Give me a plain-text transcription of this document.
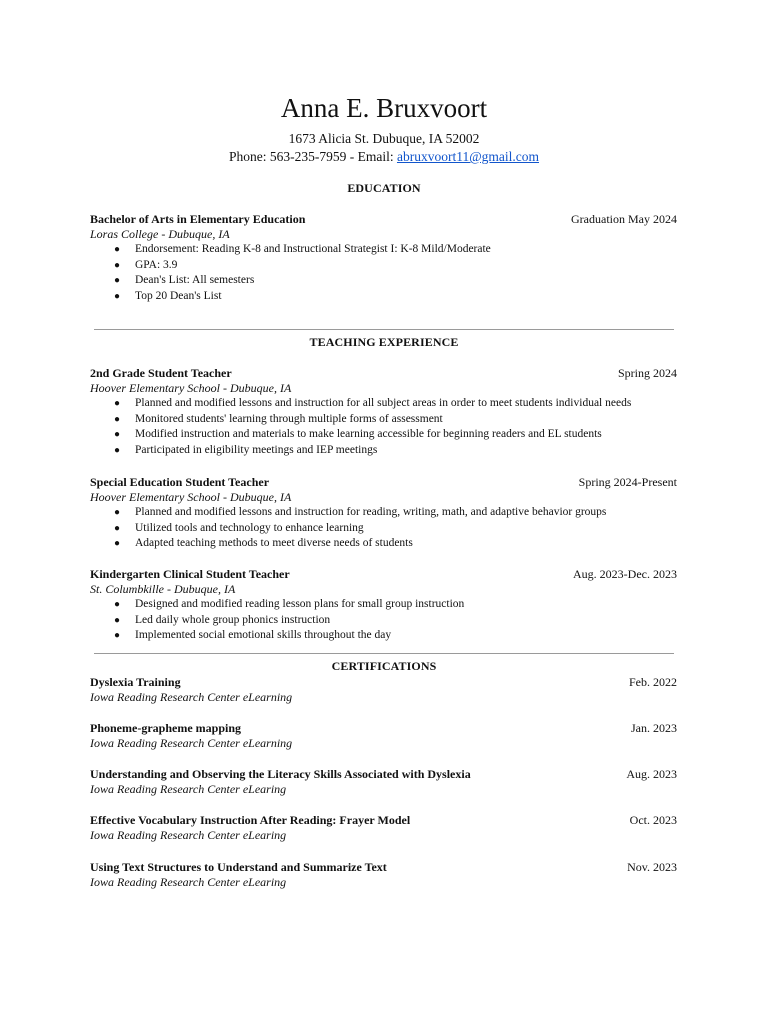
Anna E. Bruxvoort
1673 Alicia St. Dubuque, IA 52002
Phone: 563-235-7959 - Email: abruxvoort11@gmail.com
EDUCATION
Bachelor of Arts in Elementary Education	Graduation May 2024
Loras College - Dubuque, IA
● Endorsement: Reading K-8 and Instructional Strategist I: K-8 Mild/Moderate
● GPA: 3.9
● Dean's List: All semesters
● Top 20 Dean's List
TEACHING EXPERIENCE
2nd Grade Student Teacher	Spring 2024
Hoover Elementary School - Dubuque, IA
● Planned and modified lessons and instruction for all subject areas in order to meet students individual needs
● Monitored students' learning through multiple forms of assessment
● Modified instruction and materials to make learning accessible for beginning readers and EL students
● Participated in eligibility meetings and IEP meetings
Special Education Student Teacher	Spring 2024-Present
Hoover Elementary School - Dubuque, IA
● Planned and modified lessons and instruction for reading, writing, math, and adaptive behavior groups
● Utilized tools and technology to enhance learning
● Adapted teaching methods to meet diverse needs of students
Kindergarten Clinical Student Teacher	Aug. 2023-Dec. 2023
St. Columbkille - Dubuque, IA
● Designed and modified reading lesson plans for small group instruction
● Led daily whole group phonics instruction
● Implemented social emotional skills throughout the day
CERTIFICATIONS
Dyslexia Training	Feb. 2022
Iowa Reading Research Center eLearning
Phoneme-grapheme mapping	Jan. 2023
Iowa Reading Research Center eLearning
Understanding and Observing the Literacy Skills Associated with Dyslexia	Aug. 2023
Iowa Reading Research Center eLearing
Effective Vocabulary Instruction After Reading: Frayer Model	Oct. 2023
Iowa Reading Research Center eLearing
Using Text Structures to Understand and Summarize Text	Nov. 2023
Iowa Reading Research Center eLearing
